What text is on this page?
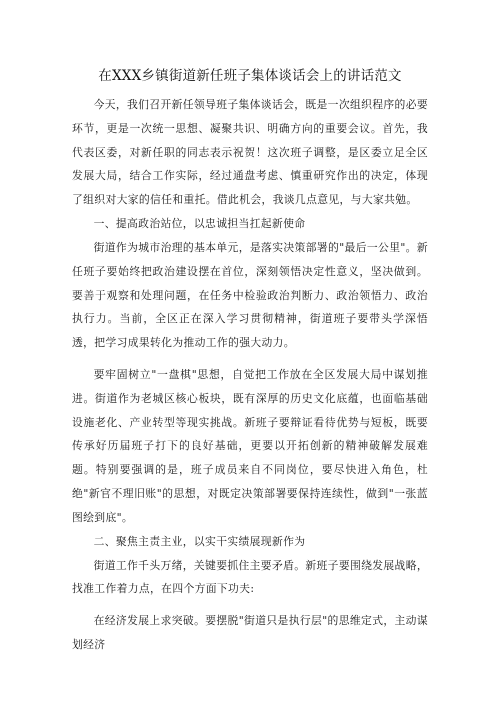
在XXX乡镇街道新任班子集体谈话会上的讲话范文

今天，我们召开新任领导班子集体谈话会，既是一次组织程序的必要环节，更是一次统一思想、凝聚共识、明确方向的重要会议。首先，我代表区委，对新任职的同志表示祝贺！这次班子调整，是区委立足全区发展大局，结合工作实际，经过通盘考虑、慎重研究作出的决定，体现了组织对大家的信任和重托。借此机会，我谈几点意见，与大家共勉。

一、提高政治站位，以忠诚担当扛起新使命

街道作为城市治理的基本单元，是落实决策部署的"最后一公里"。新任班子要始终把政治建设摆在首位，深刻领悟决定性意义，坚决做到。要善于观察和处理问题，在任务中检验政治判断力、政治领悟力、政治执行力。当前，全区正在深入学习贯彻精神，街道班子要带头学深悟透，把学习成果转化为推动工作的强大动力。

要牢固树立"一盘棋"思想，自觉把工作放在全区发展大局中谋划推进。街道作为老城区核心板块，既有深厚的历史文化底蕴，也面临基础设施老化、产业转型等现实挑战。新班子要辩证看待优势与短板，既要传承好历届班子打下的良好基础，更要以开拓创新的精神破解发展难题。特别要强调的是，班子成员来自不同岗位，要尽快进入角色，杜绝"新官不理旧账"的思想，对既定决策部署要保持连续性，做到"一张蓝图绘到底"。

二、聚焦主责主业，以实干实绩展现新作为

街道工作千头万绪，关键要抓住主要矛盾。新班子要围绕发展战略，找准工作着力点，在四个方面下功夫:

在经济发展上求突破。要摆脱"街道只是执行层"的思维定式，主动谋划经济
